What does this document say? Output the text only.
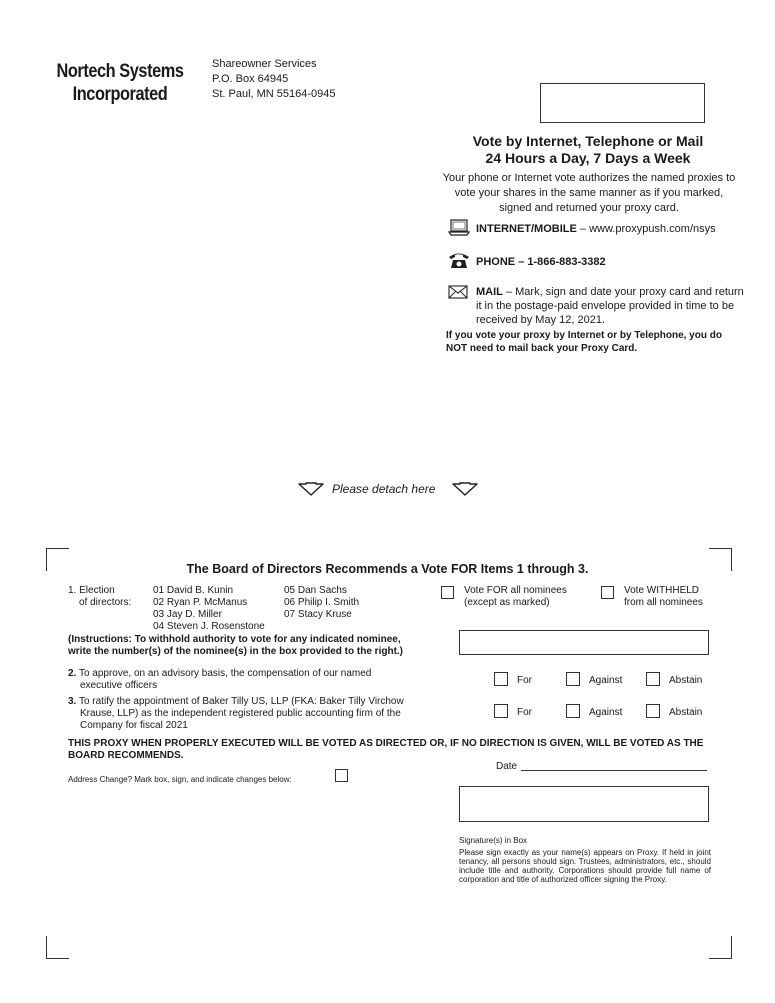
Nortech Systems
Incorporated
Shareowner Services
P.O. Box 64945
St. Paul, MN 55164-0945
Vote by Internet, Telephone or Mail
24 Hours a Day, 7 Days a Week
Your phone or Internet vote authorizes the named proxies to vote your shares in the same manner as if you marked, signed and returned your proxy card.
INTERNET/MOBILE – www.proxypush.com/nsys
PHONE – 1-866-883-3382
MAIL – Mark, sign and date your proxy card and return it in the postage-paid envelope provided in time to be received by May 12, 2021.
If you vote your proxy by Internet or by Telephone, you do NOT need to mail back your Proxy Card.
Please detach here
The Board of Directors Recommends a Vote FOR Items 1 through 3.
1. Election
of directors:
01 David B. Kunin
02 Ryan P. McManus
03 Jay D. Miller
04 Steven J. Rosenstone
05 Dan Sachs
06 Philip I. Smith
07 Stacy Kruse
Vote FOR all nominees
(except as marked)
Vote WITHHELD
from all nominees
(Instructions: To withhold authority to vote for any indicated nominee,
write the number(s) of the nominee(s) in the box provided to the right.)
2. To approve, on an advisory basis, the compensation of our named
executive officers	For	Against	Abstain
3. To ratify the appointment of Baker Tilly US, LLP (FKA: Baker Tilly Virchow
Krause, LLP) as the independent registered public accounting firm of the
Company for fiscal 2021
For	Against	Abstain
THIS PROXY WHEN PROPERLY EXECUTED WILL BE VOTED AS DIRECTED OR, IF NO DIRECTION IS GIVEN, WILL BE VOTED AS THE
BOARD RECOMMENDS.
Date
Address Change? Mark box, sign, and indicate changes below:
Signature(s) in Box
Please sign exactly as your name(s) appears on Proxy. If held in joint tenancy, all persons should sign. Trustees, administrators, etc., should include title and authority. Corporations should provide full name of corporation and title of authorized officer signing the Proxy.
